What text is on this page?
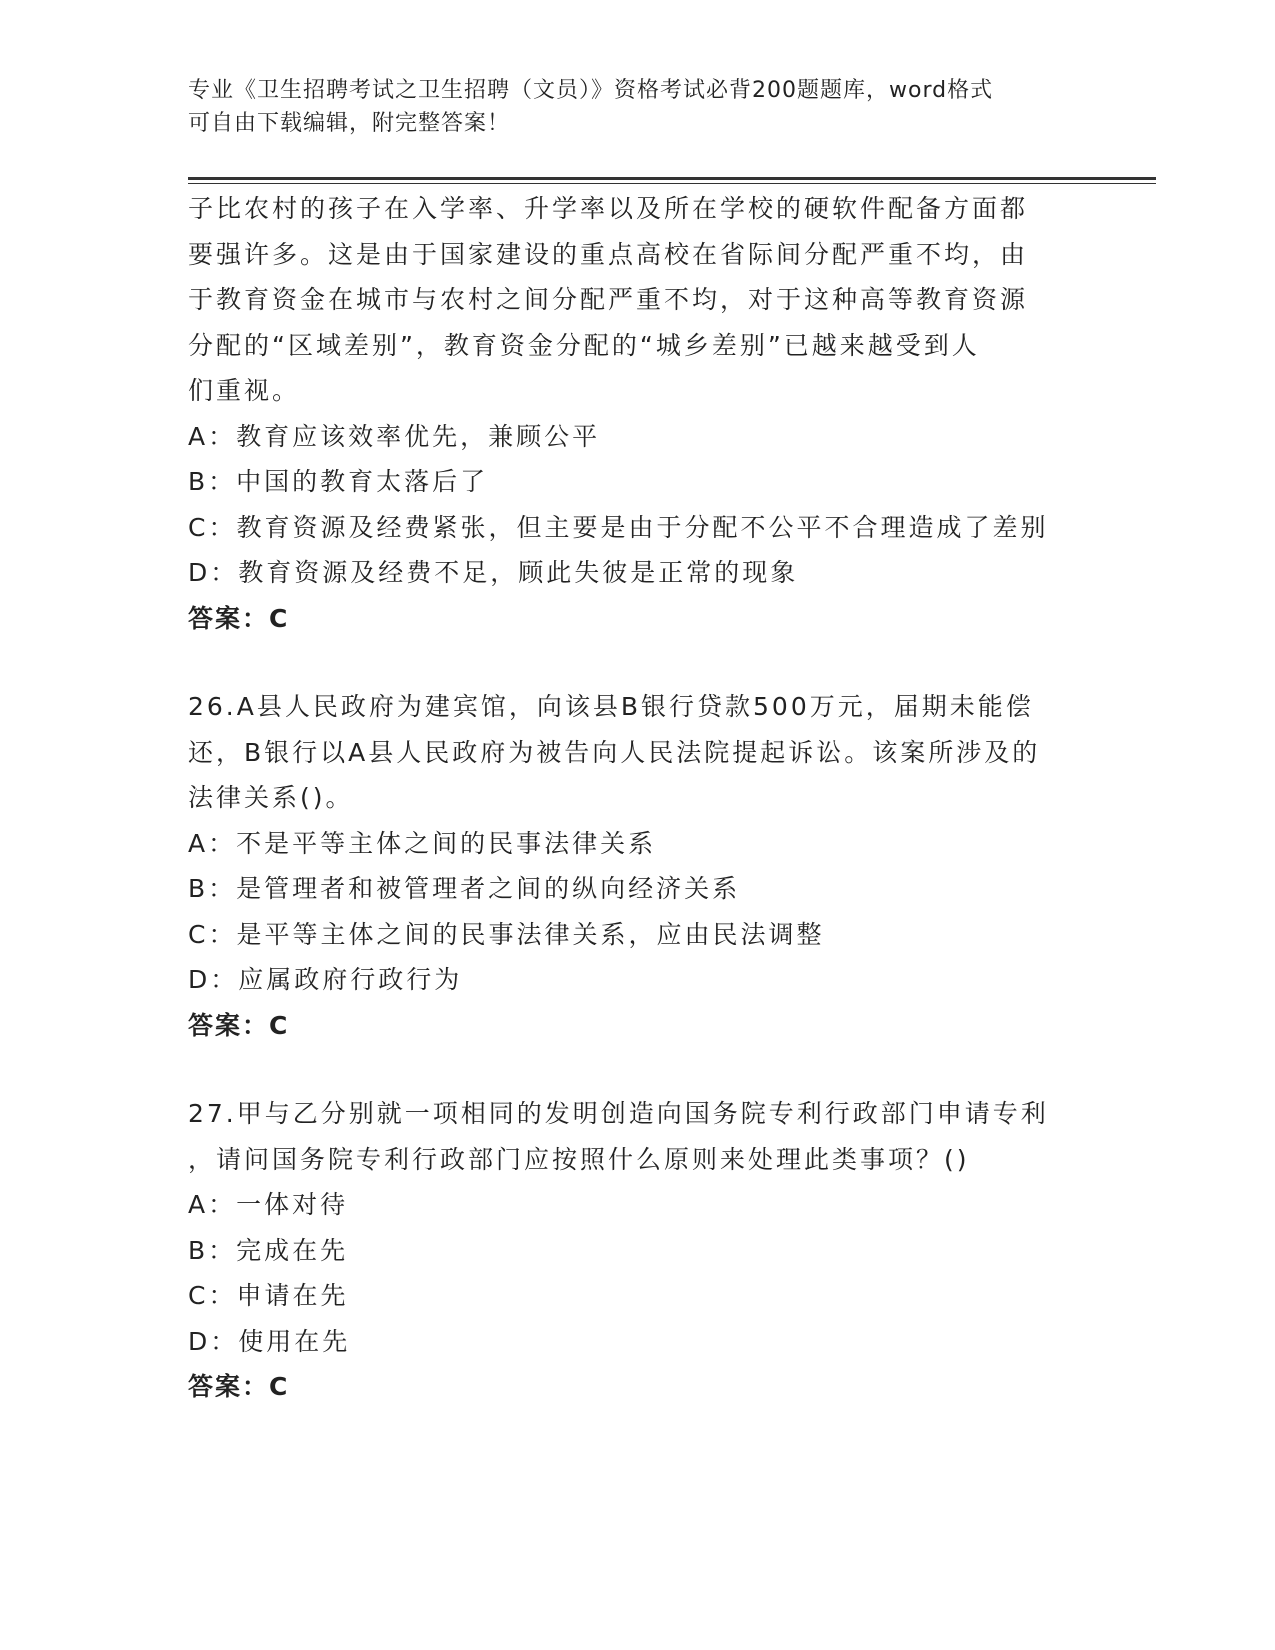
专业《卫生招聘考试之卫生招聘（文员）》资格考试必背200题题库，word格式
可自由下载编辑，附完整答案！
子比农村的孩子在入学率、升学率以及所在学校的硬软件配备方面都
要强许多。这是由于国家建设的重点高校在省际间分配严重不均，由
于教育资金在城市与农村之间分配严重不均，对于这种高等教育资源
分配的“区域差别”，教育资金分配的“城乡差别”已越来越受到人
们重视。
A：教育应该效率优先，兼顾公平
B：中国的教育太落后了
C：教育资源及经费紧张，但主要是由于分配不公平不合理造成了差别
D：教育资源及经费不足，顾此失彼是正常的现象
答案：C
26.A县人民政府为建宾馆，向该县B银行贷款500万元，届期未能偿
还，B银行以A县人民政府为被告向人民法院提起诉讼。该案所涉及的
法律关系()。
A：不是平等主体之间的民事法律关系
B：是管理者和被管理者之间的纵向经济关系
C：是平等主体之间的民事法律关系，应由民法调整
D：应属政府行政行为
答案：C
27.甲与乙分别就一项相同的发明创造向国务院专利行政部门申请专利
，请问国务院专利行政部门应按照什么原则来处理此类事项？()
A：一体对待
B：完成在先
C：申请在先
D：使用在先
答案：C
